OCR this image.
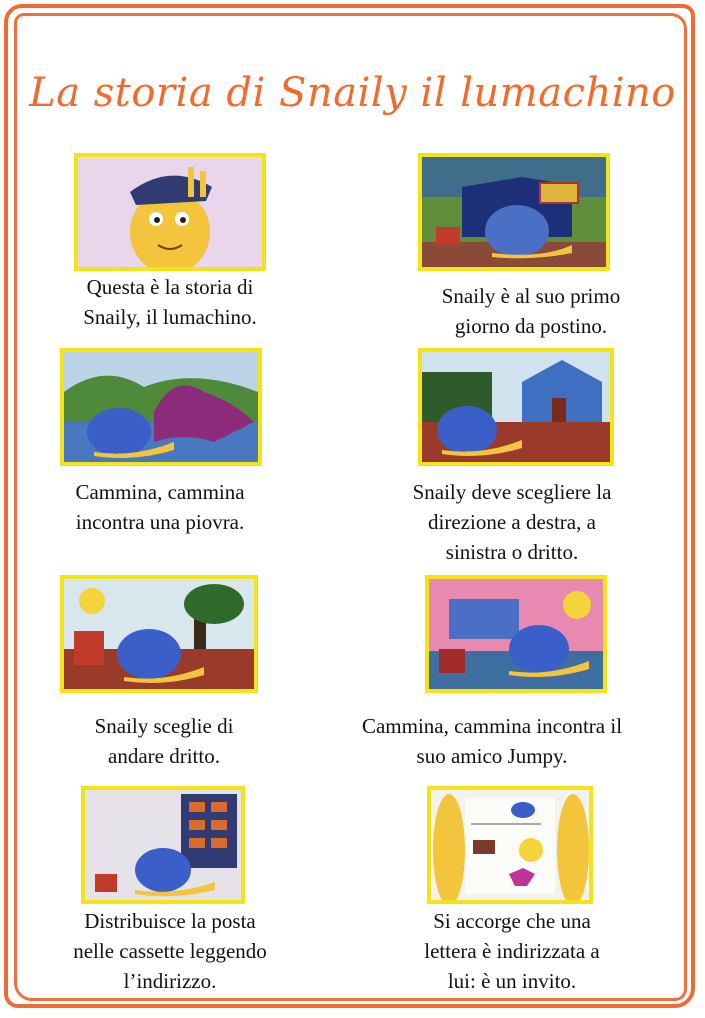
La storia di Snaily il lumachino
Questa è la storia di
Snaily, il lumachino.
Snaily è al suo primo
giorno da postino.
Cammina, cammina
incontra una piovra.
Snaily deve scegliere la
direzione a destra, a
sinistra o dritto.
Snaily sceglie di
andare dritto.
Cammina, cammina incontra il
suo amico Jumpy.
Distribuisce la posta
nelle cassette leggendo
l’indirizzo.
Si accorge che una
lettera è indirizzata a
lui: è un invito.
